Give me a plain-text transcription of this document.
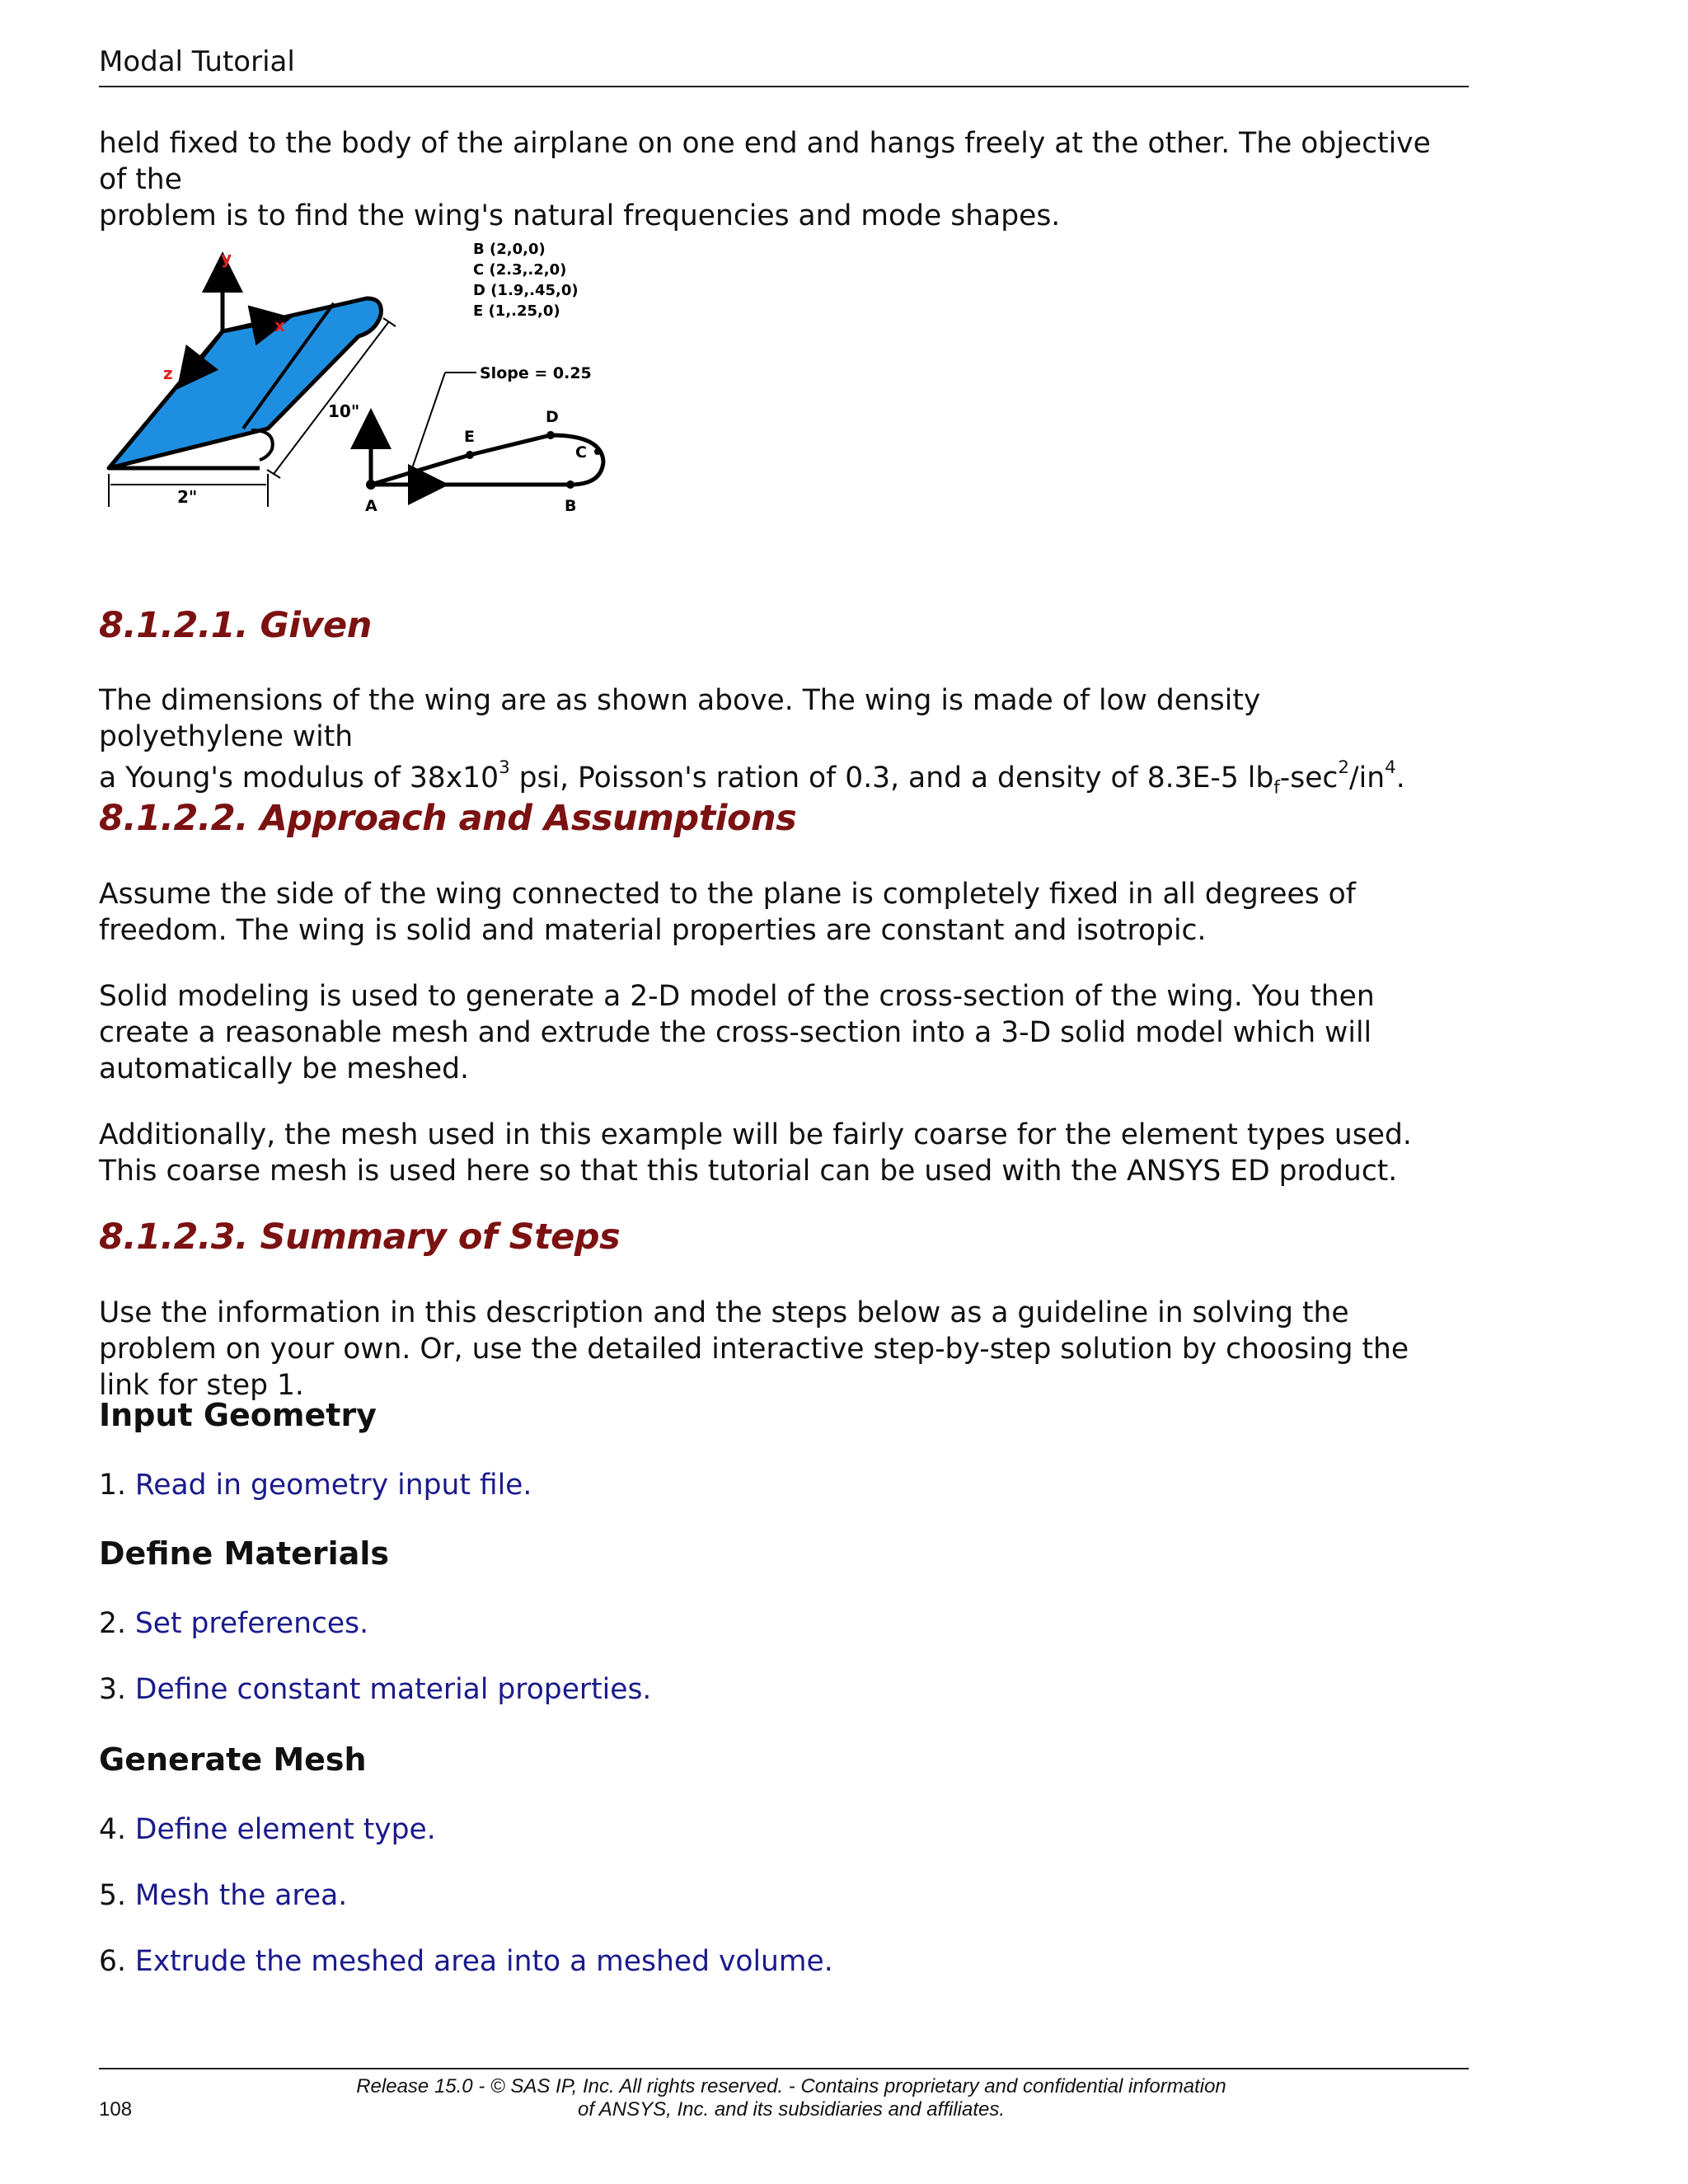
Modal Tutorial

held fixed to the body of the airplane on one end and hangs freely at the other. The objective of the

problem is to find the wing's natural frequencies and mode shapes.

y
x
z
2"
10"
Slope = 0.25
A	B
C
D
E
B (2,0,0)
C (2.3,.2,0)
D (1.9,.45,0)
E (1,.25,0)
8.1.2.1. Given

The dimensions of the wing are as shown above. The wing is made of low density polyethylene with

a Young's modulus of $38x10^3$ psi, Poisson's ration of 0.3, and a density of 8.3E-5 $lb_f-\sec^2/in^4$.

8.1.2.2. Approach and Assumptions

Assume the side of the wing connected to the plane is completely fixed in all degrees of freedom. The wing is solid and material properties are constant and isotropic.

Solid modeling is used to generate a 2-D model of the cross-section of the wing. You then create a reasonable mesh and extrude the cross-section into a 3-D solid model which will automatically be meshed.

Additionally, the mesh used in this example will be fairly coarse for the element types used. This coarse mesh is used here so that this tutorial can be used with the ANSYS ED product.

8.1.2.3. Summary of Steps

Use the information in this description and the steps below as a guideline in solving the problem on your own. Or, use the detailed interactive step-by-step solution by choosing the link for step 1.

Input Geometry
1. Read in geometry input file.
Define Materials
2. Set preferences.
3. Define constant material properties.
Generate Mesh
4. Define element type.
5. Mesh the area.
6. Extrude the meshed area into a meshed volume.
Release 15.0 - © SAS IP, Inc. All rights reserved. - Contains proprietary and confidential information
of ANSYS, Inc. and its subsidiaries and affiliates.
108
